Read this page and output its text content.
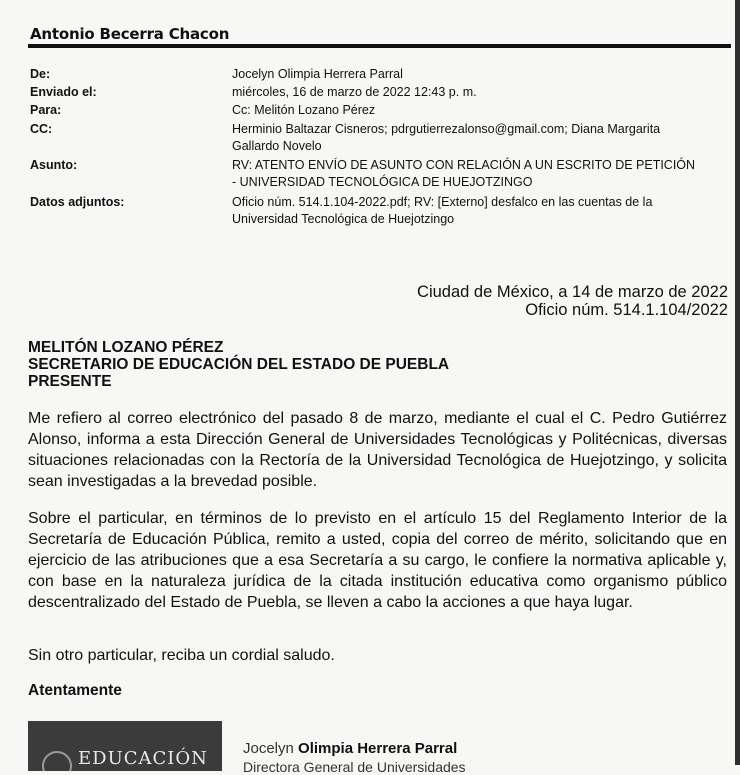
Antonio Becerra Chacon
De:	Jocelyn Olimpia Herrera Parral
Enviado el:	miércoles, 16 de marzo de 2022 12:43 p. m.
Para:	Cc: Melitón Lozano Pérez
CC:	Herminio Baltazar Cisneros; pdrgutierrezalonso@gmail.com; Diana Margarita Gallardo Novelo
Asunto:	RV: ATENTO ENVÍO DE ASUNTO CON RELACIÓN A UN ESCRITO DE PETICIÓN - UNIVERSIDAD TECNOLÓGICA DE HUEJOTZINGO
Datos adjuntos:	Oficio núm. 514.1.104-2022.pdf; RV: [Externo] desfalco en las cuentas de la Universidad Tecnológica de Huejotzingo
Ciudad de México, a 14 de marzo de 2022
Oficio núm. 514.1.104/2022
MELITÓN LOZANO PÉREZ
SECRETARIO DE EDUCACIÓN DEL ESTADO DE PUEBLA
PRESENTE

Me refiero al correo electrónico del pasado 8 de marzo, mediante el cual el C. Pedro Gutiérrez Alonso, informa a esta Dirección General de Universidades Tecnológicas y Politécnicas, diversas situaciones relacionadas con la Rectoría de la Universidad Tecnológica de Huejotzingo, y solicita sean investigadas a la brevedad posible.

Sobre el particular, en términos de lo previsto en el artículo 15 del Reglamento Interior de la Secretaría de Educación Pública, remito a usted, copia del correo de mérito, solicitando que en ejercicio de las atribuciones que a esa Secretaría a su cargo, le confiere la normativa aplicable y, con base en la naturaleza jurídica de la citada institución educativa como organismo público descentralizado del Estado de Puebla, se lleven a cabo la acciones a que haya lugar.

Sin otro particular, reciba un cordial saludo.

Atentamente
EDUCACIÓN Jocelyn Olimpia Herrera Parral
Directora General de Universidades
